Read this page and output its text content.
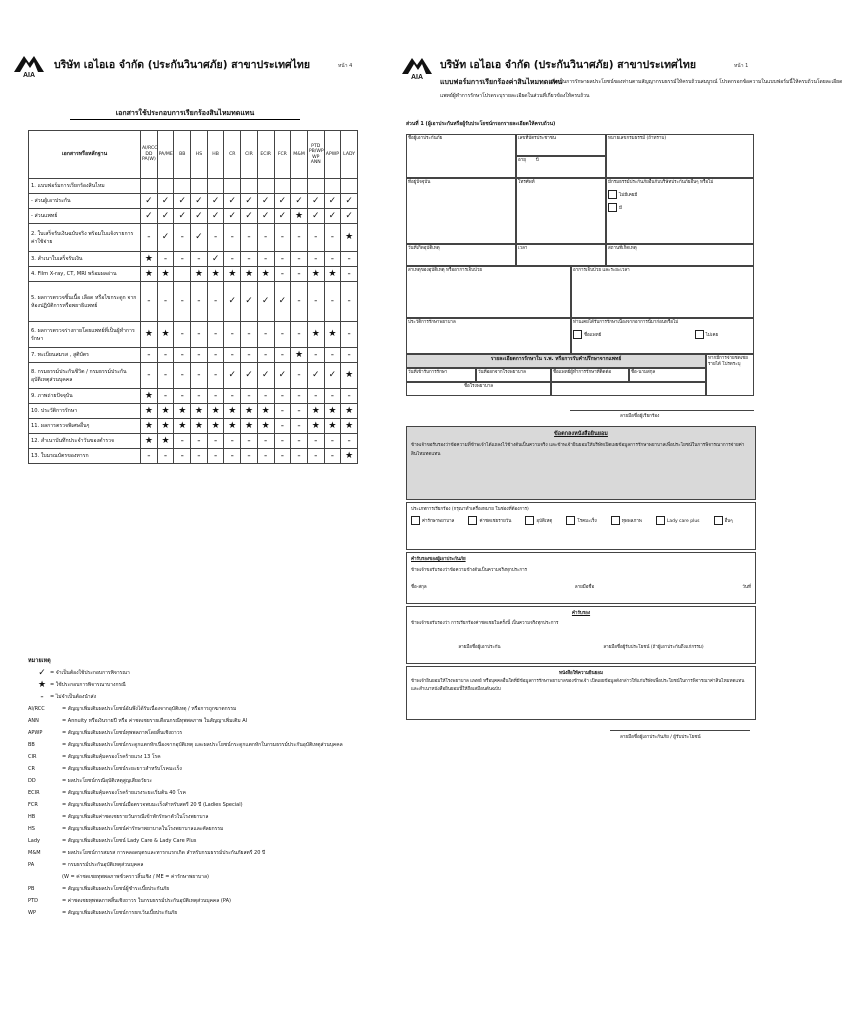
AIA
บริษัท เอไอเอ จำกัด (ประกันวินาศภัย) สาขาประเทศไทย	หน้า 4
เอกสารใช้ประกอบการเรียกร้องสินไหมทดแทน
เอกสารหรือหลักฐาน	AI/RCC DD PA(W)	PA/ME	BB	HS	HB	CR	CIR	ECIR	FCR	M&M	PTD PB/WP WP ANN	APWP	LADY
1. แบบฟอร์มการเรียกร้องสินไหม													
- ส่วนผู้เอาประกัน	✓	✓	✓	✓	✓	✓	✓	✓	✓	✓	✓	✓	✓
- ส่วนแพทย์	✓	✓	✓	✓	✓	✓	✓	✓	✓	★	✓	✓	✓
2. ใบเสร็จรับเงินฉบับจริง พร้อมใบแจ้งรายการค่าใช้จ่าย	-	✓	-	✓	-	-	-	-	-	-	-	-	★
3. สำเนาใบเสร็จรับเงิน	★	-	-	-	✓	-	-	-	-	-	-	-	-
4. Film X-ray, CT, MRI พร้อมผลอ่าน	★	★		★	★	★	★	★	-	-	★	★	-
5. ผลการตรวจชิ้นเนื้อ เลือด หรือไขกระดูก จากห้องปฏิบัติการหรือพยาธิแพทย์	-	-	-	-	-	✓	✓	✓	✓	-	-	-	-
6. ผลการตรวจร่างกายโดยแพทย์ที่เป็นผู้ทำการรักษา	★	★	-	-	-	-	-	-	-	-	★	★	-
7. ทะเบียนสมรส , สูติบัตร	-	-	-	-	-	-	-	-	-	★	-	-	-
8. กรมธรรม์ประกันชีวิต / กรมธรรม์ประกันอุบัติเหตุส่วนบุคคล	-	-	-	-	-	✓	✓	✓	✓	-	✓	✓	★
9. ภาพถ่ายปัจจุบัน	★	-	-	-	-	-	-	-	-	-	-	-	-
10. ประวัติการรักษา	★	★	★	★	★	★	★	★	-	-	★	★	★
11. ผลการตรวจพิเศษอื่นๆ	★	★	★	★	★	★	★	★	-	-	★	★	★
12. สำเนาบันทึกประจำวันของตำรวจ	★	★	-	-	-	-	-	-	-	-	-	-	-
13. ใบมรณบัตรของทารก	-	-	-	-	-	-	-	-	-	-	-	-	★
หมายเหตุ
✓ = จำเป็นต้องใช้ประกอบการพิจารณา
★ = ใช้ประกอบการพิจารณาบางกรณี
-	= ไม่จำเป็นต้องนำส่ง
AI/RCC	= สัญญาเพิ่มเติมผลประโยชน์อันพึงได้รับเนื่องจากอุบัติเหตุ / หรือการถูกฆาตกรรม
ANN	= Annuity หรือเงินรายปี หรือ ค่าชดเชยรายเดือนกรณีทุพพลภาพ ในสัญญาเพิ่มเติม AI
APWP	= สัญญาเพิ่มเติมผลประโยชน์ทุพพลภาพโดยสิ้นเชิงถาวร
BB	= สัญญาเพิ่มเติมผลประโยชน์กระดูกแตกหักเนื่องจากอุบัติเหตุ และผลประโยชน์กระดูกแตกหักในกรมธรรม์ประกันอุบัติเหตุส่วนบุคคล
CIR	= สัญญาเพิ่มเติมคุ้มครองโรคร้ายแรง 13 โรค
CR	= สัญญาเพิ่มเติมผลประโยชน์ระยะยาวสำหรับโรคมะเร็ง
DD	= ผลประโยชน์กรณีอุบัติเหตุสูญเสียอวัยวะ
ECIR	= สัญญาเพิ่มเติมคุ้มครองโรคร้ายแรงระยะเริ่มต้น 40 โรค
FCR	= สัญญาเพิ่มเติมผลประโยชน์เมื่อตรวจพบมะเร็งสำหรับสตรี 20 ปี (Ladies Special)
HB	= สัญญาเพิ่มเติมค่าชดเชยรายวันกรณีเข้าพักรักษาตัวในโรงพยาบาล
HS	= สัญญาเพิ่มเติมผลประโยชน์ค่ารักษาพยาบาลในโรงพยาบาลและศัลยกรรม
Lady	= สัญญาเพิ่มเติมผลประโยชน์ Lady Care & Lady Care Plus
M&M	= ผลประโยชน์การสมรส การคลอดบุตรและทารกแรกเกิด สำหรับกรมธรรม์ประกันภัยสตรี 20 ปี
PA	= กรมธรรม์ประกันอุบัติเหตุส่วนบุคคล
(W = ค่าชดเชยทุพพลภาพชั่วคราวสิ้นเชิง / ME = ค่ารักษาพยาบาล)
PB	= สัญญาเพิ่มเติมผลประโยชน์ผู้ชำระเบี้ยประกันภัย
PTD	= ค่าชดเชยทุพพลภาพสิ้นเชิงถาวร ในกรมธรรม์ประกันอุบัติเหตุส่วนบุคคล (PA)
WP	= สัญญาเพิ่มเติมผลประโยชน์การยกเว้นเบี้ยประกันภัย
AIA
บริษัท เอไอเอ จำกัด (ประกันวินาศภัย) สาขาประเทศไทย	หน้า 1
แบบฟอร์มการเรียกร้องค่าสินไหมทดแทน
เพื่อเป็นการรักษาผลประโยชน์ของท่านตามสัญญากรมธรรม์ให้ครบถ้วนสมบูรณ์ โปรดกรอกข้อความในแบบฟอร์มนี้ให้ครบถ้วนโดยละเอียด
แพทย์ผู้ทำการรักษาโปรดระบุรายละเอียดในส่วนที่เกี่ยวข้องให้ครบถ้วน
ส่วนที่ 1 (ผู้เอาประกันหรือผู้รับประโยชน์กรอกรายละเอียดให้ครบถ้วน)
ชื่อผู้เอาประกันภัย	เลขที่บัตรประชาชน
อายุ ปี
หมายเลขกรมธรรม์ (ถ้าทราบ)
ที่อยู่ปัจจุบัน	โทรศัพท์	มีกรมธรรม์ประกันภัยอื่นกับบริษัทประกันภัยอื่นๆ หรือไม่
ไม่มีเคยมี
มี
วันที่เกิดอุบัติเหตุ	เวลา	สถานที่เกิดเหตุ
สาเหตุของอุบัติเหตุ หรืออาการเจ็บป่วย	อาการเจ็บป่วย และระยะเวลา
ประวัติการรักษาพยาบาล	ท่านเคยได้รับการรักษาเนื่องจากอาการนี้มาก่อนหรือไม่
ชื่อแพทย์	ไม่เคย
รายละเอียดการรักษาใน ร.พ. หรือการรับคำปรึกษาจากแพทย์	หากมีการจ่ายชดเชยรายได้ โปรดระบุ
วันที่เข้ารับการรักษา	วันที่ออกจากโรงพยาบาล	ชื่อแพทย์ผู้ทำการรักษาที่ติดต่อ	ชื่อ-นามสกุล
ชื่อโรงพยาบาล
ลายมือชื่อผู้เรียกร้อง
ข้อตกลงหนังสือยินยอม
ข้าพเจ้าขอรับรองว่าข้อความที่ข้าพเจ้าได้แถลงไว้ข้างต้นเป็นความจริง และข้าพเจ้ายินยอมให้บริษัทเปิดเผยข้อมูลการรักษาพยาบาลเพื่อประโยชน์ในการพิจารณาการจ่ายค่าสินไหมทดแทน
ประเภทการเรียกร้อง (กรุณาทำเครื่องหมาย ในช่องที่ต้องการ)
ค่ารักษาพยาบาล	ค่าชดเชยรายวัน	อุบัติเหตุ	โรคมะเร็ง	ทุพพลภาพ	Lady care plus	อื่นๆ
คำรับรองของผู้เอาประกันภัย
ข้าพเจ้าขอรับรองว่าข้อความข้างต้นเป็นความจริงทุกประการ
ชื่อ-สกุล	ลายมือชื่อ	วันที่
คำรับรอง
ข้าพเจ้าขอรับรองว่า การเรียกร้องค่าชดเชยในครั้งนี้ เป็นความจริงทุกประการ
ลายมือชื่อผู้เอาประกัน	ลายมือชื่อผู้รับประโยชน์ (ถ้าผู้เอาประกันถึงแก่กรรม)
หนังสือให้ความยินยอม
ข้าพเจ้ายินยอมให้โรงพยาบาล แพทย์ หรือบุคคลอื่นใดที่มีข้อมูลการรักษาพยาบาลของข้าพเจ้า เปิดเผยข้อมูลดังกล่าวให้แก่บริษัทเพื่อประโยชน์ในการพิจารณาค่าสินไหมทดแทน และสำเนาหนังสือยินยอมนี้ให้ถือเสมือนต้นฉบับ
ลายมือชื่อผู้เอาประกันภัย / ผู้รับประโยชน์
